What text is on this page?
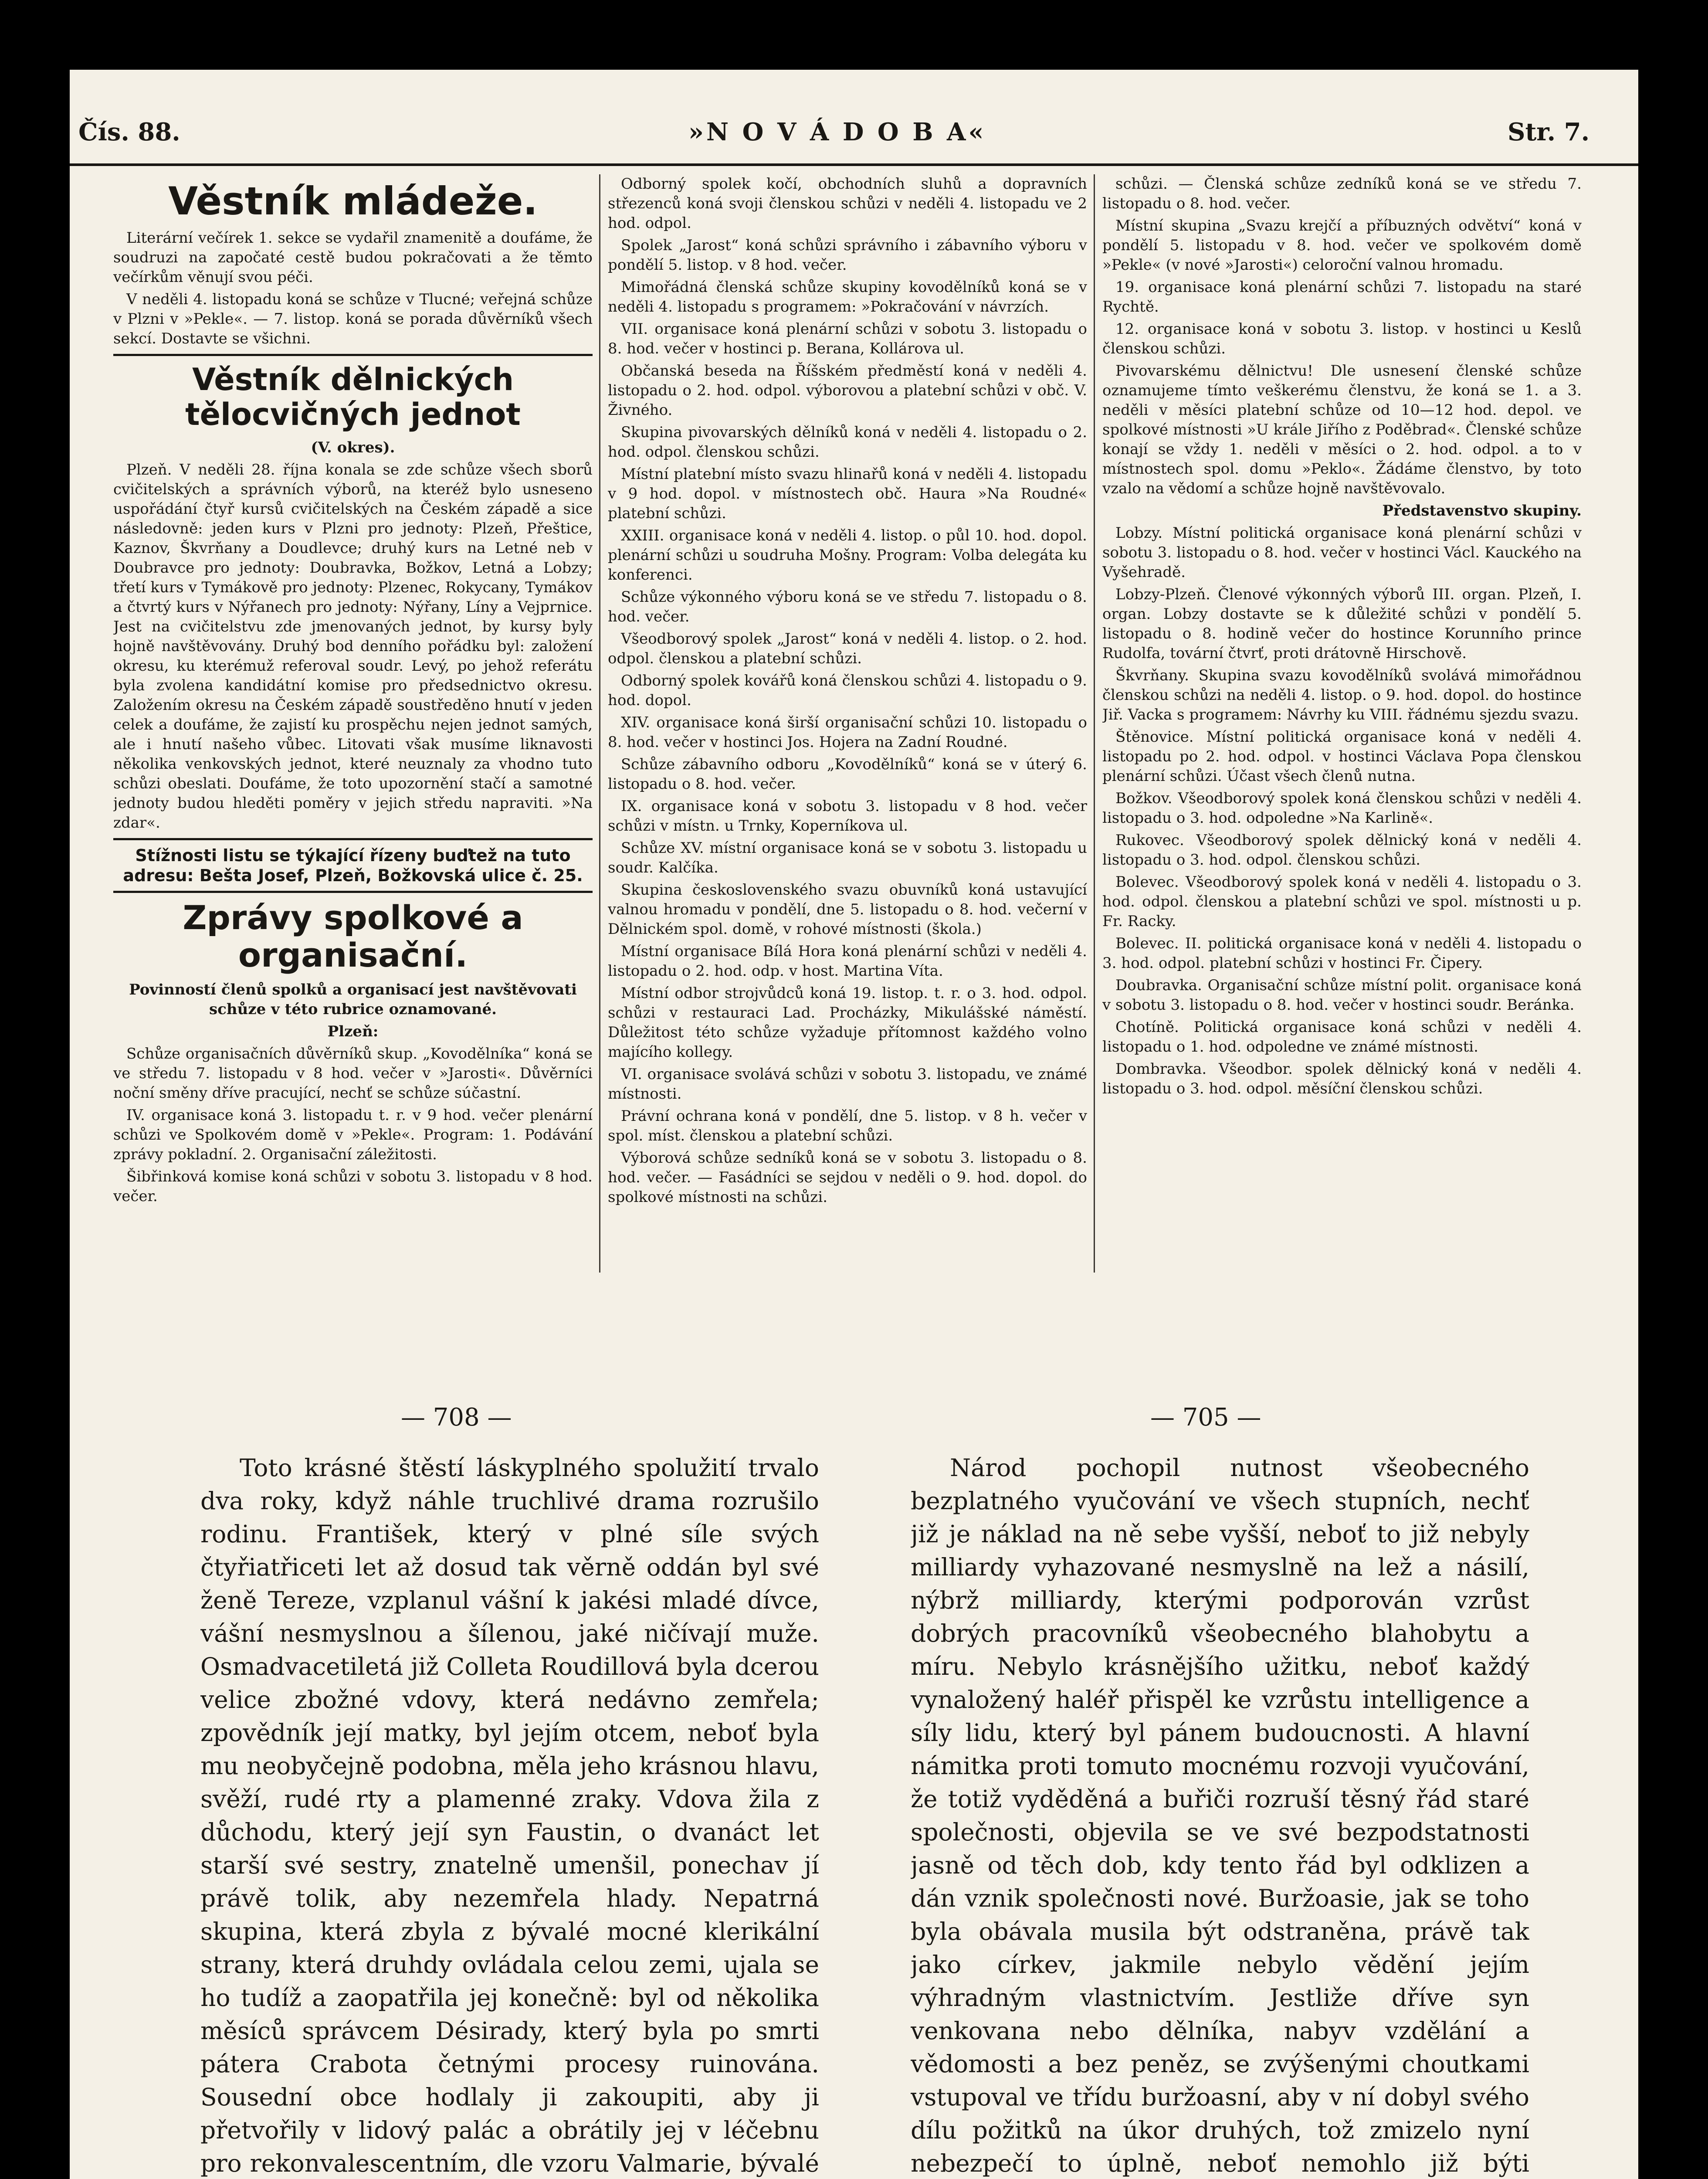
Čís. 88.	»N O V Á D O B A«	Str. 7.
Věstník mládeže.

Literární večírek 1. sekce se vydařil znamenitě a doufáme, že soudruzi na započaté cestě budou pokračovati a že těmto večírkům věnují svou péči.

V neděli 4. listopadu koná se schůze v Tlucné; veřejná schůze v Plzni v »Pekle«. — 7. listop. koná se porada důvěrníků všech sekcí. Dostavte se všichni.

Věstník dělnických tělocvičných jednot

(V. okres).

Plzeň. V neděli 28. října konala se zde schůze všech sborů cvičitelských a správních výborů, na kteréž bylo usneseno uspořádání čtyř kursů cvičitelských na Českém západě a sice následovně: jeden kurs v Plzni pro jednoty: Plzeň, Přeštice, Kaznov, Škvrňany a Doudlevce; druhý kurs na Letné neb v Doubravce pro jednoty: Doubravka, Božkov, Letná a Lobzy; třetí kurs v Tymákově pro jednoty: Plzenec, Rokycany, Tymákov a čtvrtý kurs v Nýřanech pro jednoty: Nýřany, Líny a Vejprnice. Jest na cvičitelstvu zde jmenovaných jednot, by kursy byly hojně navštěvovány. Druhý bod denního pořádku byl: založení okresu, ku kterémuž referoval soudr. Levý, po jehož referátu byla zvolena kandidátní komise pro předsednictvo okresu. Založením okresu na Českém západě soustředěno hnutí v jeden celek a doufáme, že zajistí ku prospěchu nejen jednot samých, ale i hnutí našeho vůbec. Litovati však musíme liknavosti několika venkovských jednot, které neuznaly za vhodno tuto schůzi obeslati. Doufáme, že toto upozornění stačí a samotné jednoty budou hleděti poměry v jejich středu napraviti. »Na zdar«.

Stížnosti listu se týkající řízeny buďtež na tuto adresu: Bešta Josef, Plzeň, Božkovská ulice č. 25.
Zprávy spolkové a organisační.

Povinností členů spolků a organisací jest navštěvovati schůze v této rubrice oznamované.

Plzeň:

Schůze organisačních důvěrníků skup. „Kovodělníka“ koná se ve středu 7. listopadu v 8 hod. večer v »Jarosti«. Důvěrníci noční směny dříve pracující, nechť se schůze súčastní.

IV. organisace koná 3. listopadu t. r. v 9 hod. večer plenární schůzi ve Spolkovém domě v »Pekle«. Program: 1. Podávání zprávy pokladní. 2. Organisační záležitosti.

Šibřinková komise koná schůzi v sobotu 3. listopadu v 8 hod. večer.

Odborný spolek kočí, obchodních sluhů a dopravních střezenců koná svoji členskou schůzi v neděli 4. listopadu ve 2 hod. odpol.

Spolek „Jarost“ koná schůzi správního i zábavního výboru v pondělí 5. listop. v 8 hod. večer.

Mimořádná členská schůze skupiny kovodělníků koná se v neděli 4. listopadu s programem: »Pokračování v návrzích.

VII. organisace koná plenární schůzi v sobotu 3. listopadu o 8. hod. večer v hostinci p. Berana, Kollárova ul.

Občanská beseda na Říšském předměstí koná v neděli 4. listopadu o 2. hod. odpol. výborovou a platební schůzi v obč. V. Živného.

Skupina pivovarských dělníků koná v neděli 4. listopadu o 2. hod. odpol. členskou schůzi.

Místní platební místo svazu hlinařů koná v neděli 4. listopadu v 9 hod. dopol. v místnostech obč. Haura »Na Roudné« platební schůzi.

XXIII. organisace koná v neděli 4. listop. o půl 10. hod. dopol. plenární schůzi u soudruha Mošny. Program: Volba delegáta ku konferenci.

Schůze výkonného výboru koná se ve středu 7. listopadu o 8. hod. večer.

Všeodborový spolek „Jarost“ koná v neděli 4. listop. o 2. hod. odpol. členskou a platební schůzi.

Odborný spolek kovářů koná členskou schůzi 4. listopadu o 9. hod. dopol.

XIV. organisace koná širší organisační schůzi 10. listopadu o 8. hod. večer v hostinci Jos. Hojera na Zadní Roudné.

Schůze zábavního odboru „Kovodělníků“ koná se v úterý 6. listopadu o 8. hod. večer.

IX. organisace koná v sobotu 3. listopadu v 8 hod. večer schůzi v místn. u Trnky, Koperníkova ul.

Schůze XV. místní organisace koná se v sobotu 3. listopadu u soudr. Kalčíka.

Skupina československého svazu obuvníků koná ustavující valnou hromadu v pondělí, dne 5. listopadu o 8. hod. večerní v Dělnickém spol. domě, v rohové místnosti (škola.)

Místní organisace Bílá Hora koná plenární schůzi v neděli 4. listopadu o 2. hod. odp. v host. Martina Víta.

Místní odbor strojvůdců koná 19. listop. t. r. o 3. hod. odpol. schůzi v restauraci Lad. Procházky, Mikulášské náměstí. Důležitost této schůze vyžaduje přítomnost každého volno majícího kollegy.

VI. organisace svolává schůzi v sobotu 3. listopadu, ve známé místnosti.

Právní ochrana koná v pondělí, dne 5. listop. v 8 h. večer v spol. míst. členskou a platební schůzi.

Výborová schůze sedníků koná se v sobotu 3. listopadu o 8. hod. večer. — Fasádníci se sejdou v neděli o 9. hod. dopol. do spolkové místnosti na schůzi.

schůzi. — Členská schůze zedníků koná se ve středu 7. listopadu o 8. hod. večer.

Místní skupina „Svazu krejčí a příbuzných odvětví“ koná v pondělí 5. listopadu v 8. hod. večer ve spolkovém domě »Pekle« (v nové »Jarosti«) celoroční valnou hromadu.

19. organisace koná plenární schůzi 7. listopadu na staré Rychtě.

12. organisace koná v sobotu 3. listop. v hostinci u Keslů členskou schůzi.

Pivovarskému dělnictvu! Dle usnesení členské schůze oznamujeme tímto veškerému členstvu, že koná se 1. a 3. neděli v měsíci platební schůze od 10—12 hod. depol. ve spolkové místnosti »U krále Jiřího z Poděbrad«. Členské schůze konají se vždy 1. neděli v měsíci o 2. hod. odpol. a to v místnostech spol. domu »Peklo«. Žádáme členstvo, by toto vzalo na vědomí a schůze hojně navštěvovalo.

Představenstvo skupiny.

Lobzy. Místní politická organisace koná plenární schůzi v sobotu 3. listopadu o 8. hod. večer v hostinci Václ. Kauckého na Vyšehradě.

Lobzy-Plzeň. Členové výkonných výborů III. organ. Plzeň, I. organ. Lobzy dostavte se k důležité schůzi v pondělí 5. listopadu o 8. hodině večer do hostince Korunního prince Rudolfa, tovární čtvrť, proti drátovně Hirschově.

Škvrňany. Skupina svazu kovodělníků svolává mimořádnou členskou schůzi na neděli 4. listop. o 9. hod. dopol. do hostince Jiř. Vacka s programem: Návrhy ku VIII. řádnému sjezdu svazu.

Štěnovice. Místní politická organisace koná v neděli 4. listopadu po 2. hod. odpol. v hostinci Václava Popa členskou plenární schůzi. Účast všech členů nutna.

Božkov. Všeodborový spolek koná členskou schůzi v neděli 4. listopadu o 3. hod. odpoledne »Na Karlině«.

Rukovec. Všeodborový spolek dělnický koná v neděli 4. listopadu o 3. hod. odpol. členskou schůzi.

Bolevec. Všeodborový spolek koná v neděli 4. listopadu o 3. hod. odpol. členskou a platební schůzi ve spol. místnosti u p. Fr. Racky.

Bolevec. II. politická organisace koná v neděli 4. listopadu o 3. hod. odpol. platební schůzi v hostinci Fr. Čipery.

Doubravka. Organisační schůze místní polit. organisace koná v sobotu 3. listopadu o 8. hod. večer v hostinci soudr. Beránka.

Chotíně. Politická organisace koná schůzi v neděli 4. listopadu o 1. hod. odpoledne ve známé místnosti.

Dombravka. Všeodbor. spolek dělnický koná v neděli 4. listopadu o 3. hod. odpol. měsíční členskou schůzi.

— 708 —	— 705 —

Toto krásné štěstí láskyplného spolužití trvalo dva roky, když náhle truchlivé drama rozrušilo rodinu. František, který v plné síle svých čtyřiatřiceti let až dosud tak věrně oddán byl své ženě Tereze, vzplanul vášní k jakési mladé dívce, vášní nesmyslnou a šílenou, jaké ničívají muže. Osmadvacetiletá již Colleta Roudillová byla dcerou velice zbožné vdovy, která nedávno zemřela; zpovědník její matky, byl jejím otcem, neboť byla mu neobyčejně podobna, měla jeho krásnou hlavu, svěží, rudé rty a plamenné zraky. Vdova žila z důchodu, který její syn Faustin, o dvanáct let starší své sestry, znatelně umenšil, ponechav jí právě tolik, aby nezemřela hlady. Nepatrná skupina, která zbyla z bývalé mocné klerikální strany, která druhdy ovládala celou zemi, ujala se ho tudíž a zaopatřila jej konečně: byl od několika měsíců správcem Désirady, který byla po smrti pátera Crabota četnými procesy ruinována. Sousední obce hodlaly ji zakoupiti, aby ji přetvořily v lidový palác a obrátily jej v léčebnu pro rekonvalescentním, dle vzoru Valmarie, bývalé

Národ pochopil nutnost všeobecného bezplatného vyučování ve všech stupních, nechť již je náklad na ně sebe vyšší, neboť to již nebyly milliardy vyhazované nesmyslně na lež a násilí, nýbrž milliardy, kterými podporován vzrůst dobrých pracovníků všeobecného blahobytu a míru. Nebylo krásnějšího užitku, neboť každý vynaložený haléř přispěl ke vzrůstu intelligence a síly lidu, který byl pánem budoucnosti. A hlavní námitka proti tomuto mocnému rozvoji vyučování, že totiž vyděděná a buřiči rozruší těsný řád staré společnosti, objevila se ve své bezpodstatnosti jasně od těch dob, kdy tento řád byl odklizen a dán vznik společnosti nové. Buržoasie, jak se toho byla obávala musila být odstraněna, právě tak jako církev, jakmile nebylo vědění jejím výhradným vlastnictvím. Jestliže dříve syn venkovana nebo dělníka, nabyv vzdělání a vědomosti a bez peněz, se zvýšenými choutkami vstupoval ve třídu buržoasní, aby v ní dobyl svého dílu požitků na úkor druhých, tož zmizelo nyní nebezpečí to úplně, neboť nemohlo již býti
